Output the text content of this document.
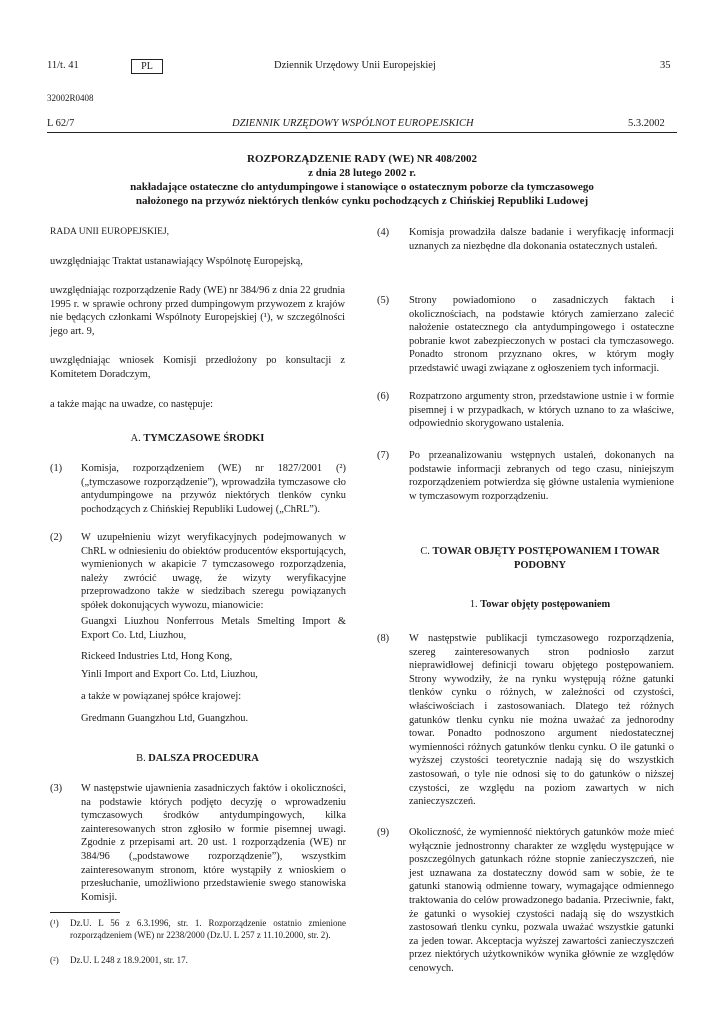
11/t. 41	PL	Dziennik Urzędowy Unii Europejskiej	35
32002R0408
L 62/7	DZIENNIK URZĘDOWY WSPÓLNOT EUROPEJSKICH	5.3.2002
ROZPORZĄDZENIE RADY (WE) NR 408/2002
z dnia 28 lutego 2002 r.
nakładające ostateczne cło antydumpingowe i stanowiące o ostatecznym poborze cła tymczasowego
nałożonego na przywóz niektórych tlenków cynku pochodzących z Chińskiej Republiki Ludowej
RADA UNII EUROPEJSKIEJ,
uwzględniając Traktat ustanawiający Wspólnotę Europejską,
uwzględniając rozporządzenie Rady (WE) nr 384/96 z dnia 22 grudnia 1995 r. w sprawie ochrony przed dumpingowym przywozem z krajów nie będących członkami Wspólnoty Europejskiej (¹), w szczególności jego art. 9,
uwzględniając wniosek Komisji przedłożony po konsultacji z Komitetem Doradczym,
a także mając na uwadze, co następuje:
A. TYMCZASOWE ŚRODKI
(1) Komisja, rozporządzeniem (WE) nr 1827/2001 (²) („tymczasowe rozporządzenie”), wprowadziła tymczasowe cło antydumpingowe na przywóz niektórych tlenków cynku pochodzących z Chińskiej Republiki Ludowej („ChRL”).
(2) W uzupełnieniu wizyt weryfikacyjnych podejmowanych w ChRL w odniesieniu do obiektów producentów eksportujących, wymienionych w akapicie 7 tymczasowego rozporządzenia, należy zwrócić uwagę, że wizyty weryfikacyjne przeprowadzono także w siedzibach szeregu powiązanych spółek dokonujących wywozu, mianowicie:
Guangxi Liuzhou Nonferrous Metals Smelting Import & Export Co. Ltd, Liuzhou,
Rickeed Industries Ltd, Hong Kong,
Yinli Import and Export Co. Ltd, Liuzhou,
a także w powiązanej spółce krajowej:
Gredmann Guangzhou Ltd, Guangzhou.
B. DALSZA PROCEDURA
(3) W następstwie ujawnienia zasadniczych faktów i okoliczności, na podstawie których podjęto decyzję o wprowadzeniu tymczasowych środków antydumpingowych, kilka zainteresowanych stron zgłosiło w formie pisemnej uwagi. Zgodnie z przepisami art. 20 ust. 1 rozporządzenia (WE) nr 384/96 („podstawowe rozporządzenie”), wszystkim zainteresowanym stronom, które wystąpiły z wnioskiem o przesłuchanie, umożliwiono przedstawienie swego stanowiska Komisji.
(¹) Dz.U. L 56 z 6.3.1996, str. 1. Rozporządzenie ostatnio zmienione rozporządzeniem (WE) nr 2238/2000 (Dz.U. L 257 z 11.10.2000, str. 2).
(²) Dz.U. L 248 z 18.9.2001, str. 17.
(4) Komisja prowadziła dalsze badanie i weryfikację informacji uznanych za niezbędne dla dokonania ostatecznych ustaleń.
(5) Strony powiadomiono o zasadniczych faktach i okolicznościach, na podstawie których zamierzano zalecić nałożenie ostatecznego cła antydumpingowego i ostateczne pobranie kwot zabezpieczonych w postaci cła tymczasowego. Ponadto stronom przyznano okres, w którym mogły przedstawić uwagi związane z ogłoszeniem tych informacji.
(6) Rozpatrzono argumenty stron, przedstawione ustnie i w formie pisemnej i w przypadkach, w których uznano to za właściwe, odpowiednio skorygowano ustalenia.
(7) Po przeanalizowaniu wstępnych ustaleń, dokonanych na podstawie informacji zebranych od tego czasu, niniejszym rozporządzeniem potwierdza się główne ustalenia wymienione w tymczasowym rozporządzeniu.
C. TOWAR OBJĘTY POSTĘPOWANIEM I TOWAR PODOBNY
1. Towar objęty postępowaniem
(8) W następstwie publikacji tymczasowego rozporządzenia, szereg zainteresowanych stron podniosło zarzut nieprawidłowej definicji towaru objętego postępowaniem. Strony wywodziły, że na rynku występują różne gatunki tlenków cynku o różnych, w zależności od czystości, właściwościach i zastosowaniach. Dlatego też różnych gatunków tlenku cynku nie można uważać za jednorodny towar. Ponadto podnoszono argument niedostatecznej wymienności różnych gatunków tlenku cynku. O ile gatunki o wyższej czystości teoretycznie nadają się do wszystkich zastosowań, o tyle nie odnosi się to do gatunków o niższej czystości, ze względu na poziom zawartych w nich zanieczyszczeń.
(9) Okoliczność, że wymienność niektórych gatunków może mieć wyłącznie jednostronny charakter ze względu występujące w poszczególnych gatunkach różne stopnie zanieczyszczeń, nie jest uznawana za dostateczny dowód sam w sobie, że te gatunki stanowią odmienne towary, wymagające odmiennego traktowania do celów prowadzonego badania. Przeciwnie, fakt, że gatunki o wysokiej czystości nadają się do wszystkich zastosowań tlenku cynku, pozwala uważać wszystkie gatunki za jeden towar. Akceptacja wyższej zawartości zanieczyszczeń przez niektórych użytkowników wynika głównie ze względów cenowych.
